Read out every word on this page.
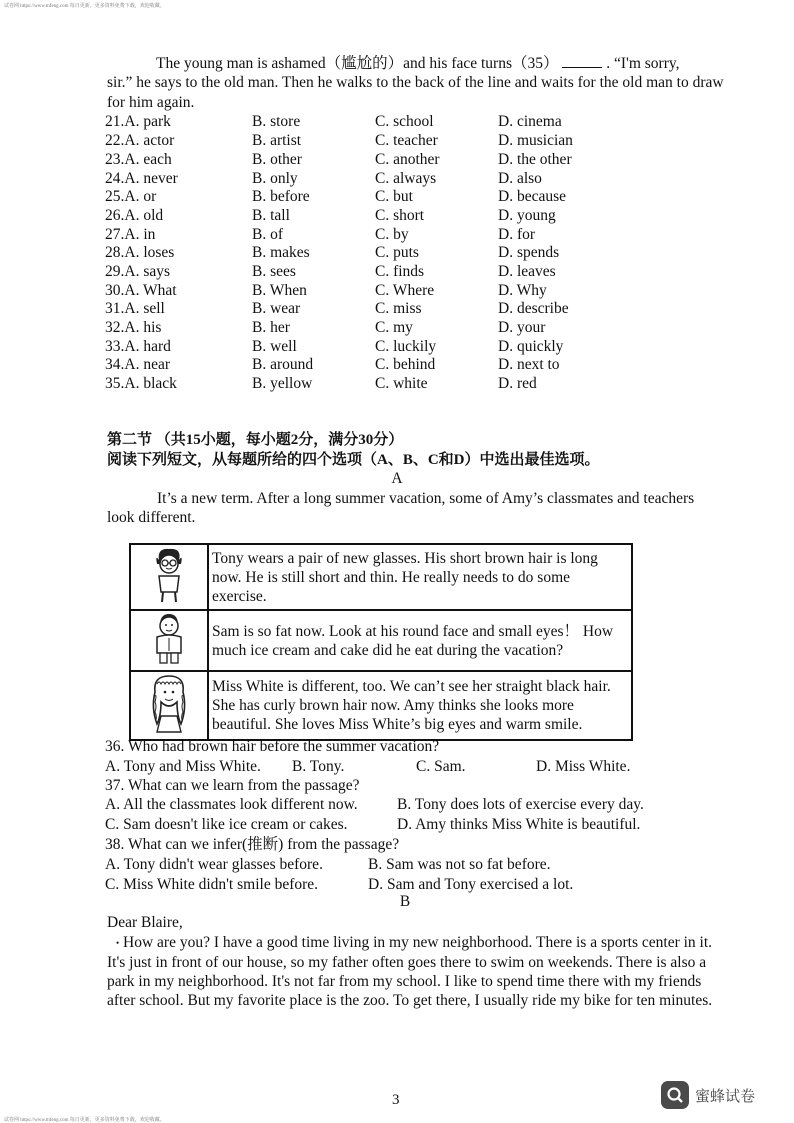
试卷网 https://www.mfeng.com 每日更新，更多资料免费下载，欢迎收藏。
The young man is ashamed（尴尬的）and his face turns（35）	. “I'm sorry,
sir.” he says to the old man. Then he walks to the back of the line and waits for the old man to draw
for him again.
21.A. park	B. store	C. school	D. cinema
22.A. actor	B. artist	C. teacher	D. musician
23.A. each	B. other	C. another	D. the other
24.A. never	B. only	C. always	D. also
25.A. or	B. before	C. but	D. because
26.A. old	B. tall	C. short	D. young
27.A. in	B. of	C. by	D. for
28.A. loses	B. makes	C. puts	D. spends
29.A. says	B. sees	C. finds	D. leaves
30.A. What	B. When	C. Where	D. Why
31.A. sell	B. wear	C. miss	D. describe
32.A. his	B. her	C. my	D. your
33.A. hard	B. well	C. luckily	D. quickly
34.A. near	B. around	C. behind	D. next to
35.A. black	B. yellow	C. white	D. red
第二节 （共15小题，每小题2分，满分30分）
阅读下列短文，从每题所给的四个选项（A、B、C和D）中选出最佳选项。
A
It’s a new term. After a long summer vacation, some of Amy’s classmates and teachers
look different.
	Tony wears a pair of new glasses. His short brown hair is long now. He is still short and thin. He really needs to do some exercise.
	Sam is so fat now. Look at his round face and small eyes！ How much ice cream and cake did he eat during the vacation?
	Miss White is different, too. We can’t see her straight black hair. She has curly brown hair now. Amy thinks she looks more beautiful. She loves Miss White’s big eyes and warm smile.
36. Who had brown hair before the summer vacation?
A. Tony and Miss White. B. Tony.	C. Sam.	D. Miss White.
37. What can we learn from the passage?
A. All the classmates look different now.	B. Tony does lots of exercise every day.
C. Sam doesn't like ice cream or cakes.	D. Amy thinks Miss White is beautiful.
38. What can we infer(推断) from the passage?
A. Tony didn't wear glasses before.	B. Sam was not so fat before.
C. Miss White didn't smile before.	D. Sam and Tony exercised a lot.
B
Dear Blaire,
• How are you? I have a good time living in my new neighborhood. There is a sports center in it.
It's just in front of our house, so my father often goes there to swim on weekends. There is also a
park in my neighborhood. It's not far from my school. I like to spend time there with my friends
after school. But my favorite place is the zoo. To get there, I usually ride my bike for ten minutes.
3	蜜蜂试卷
试卷网 https://www.mfeng.com 每日更新，更多资料免费下载，欢迎收藏。
